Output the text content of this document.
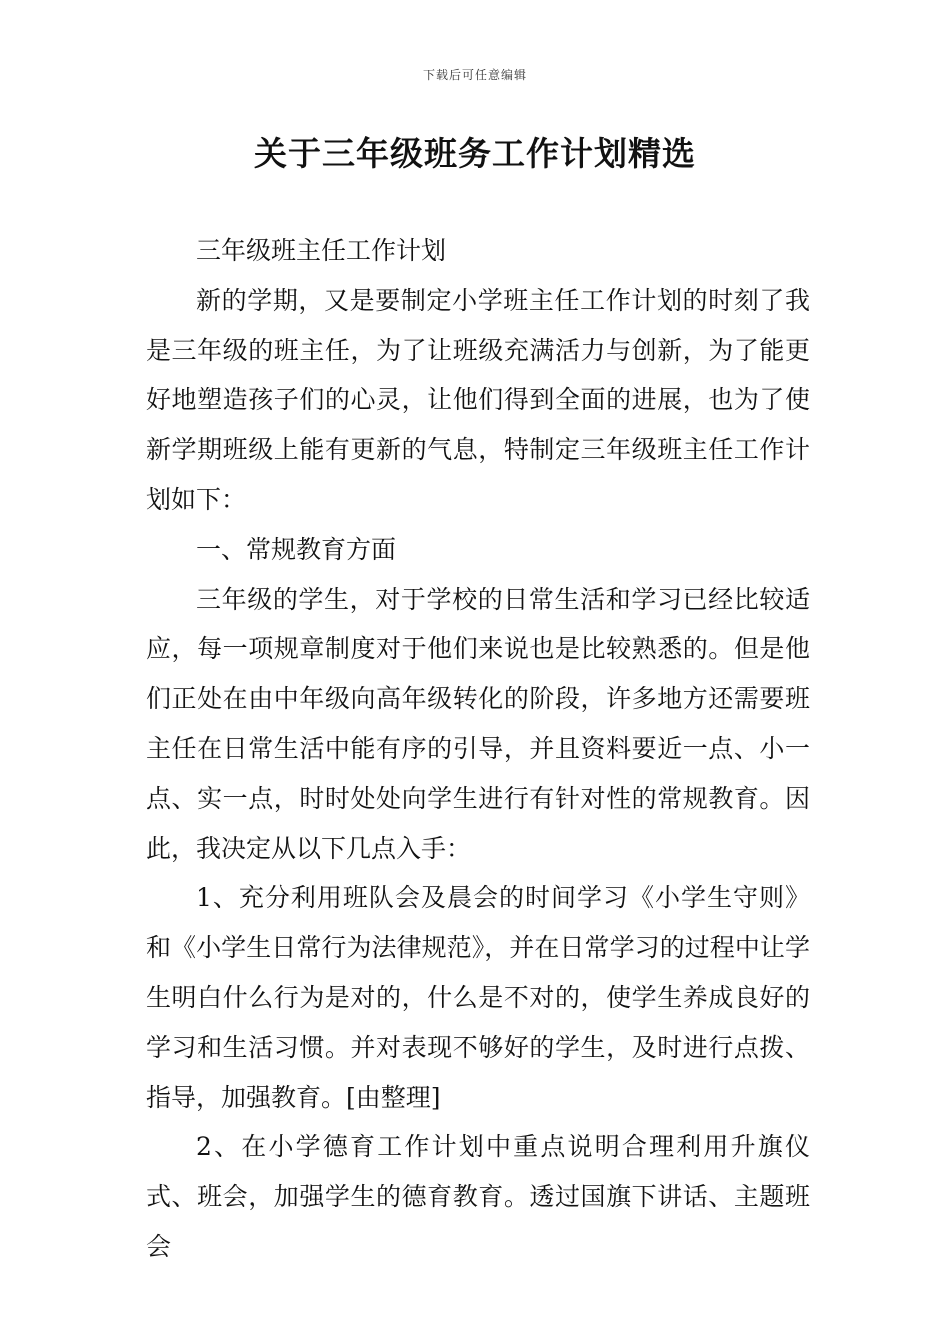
下载后可任意编辑
关于三年级班务工作计划精选

三年级班主任工作计划

新的学期，又是要制定小学班主任工作计划的时刻了我是三年级的班主任，为了让班级充满活力与创新，为了能更好地塑造孩子们的心灵，让他们得到全面的进展，也为了使新学期班级上能有更新的气息，特制定三年级班主任工作计划如下：

一、常规教育方面

三年级的学生，对于学校的日常生活和学习已经比较适应，每一项规章制度对于他们来说也是比较熟悉的。但是他们正处在由中年级向高年级转化的阶段，许多地方还需要班主任在日常生活中能有序的引导，并且资料要近一点、小一点、实一点，时时处处向学生进行有针对性的常规教育。因此，我决定从以下几点入手：

1、充分利用班队会及晨会的时间学习《小学生守则》和《小学生日常行为法律规范》，并在日常学习的过程中让学生明白什么行为是对的，什么是不对的，使学生养成良好的学习和生活习惯。并对表现不够好的学生，及时进行点拨、指导，加强教育。[由整理]

2、在小学德育工作计划中重点说明合理利用升旗仪式、班会，加强学生的德育教育。透过国旗下讲话、主题班会
